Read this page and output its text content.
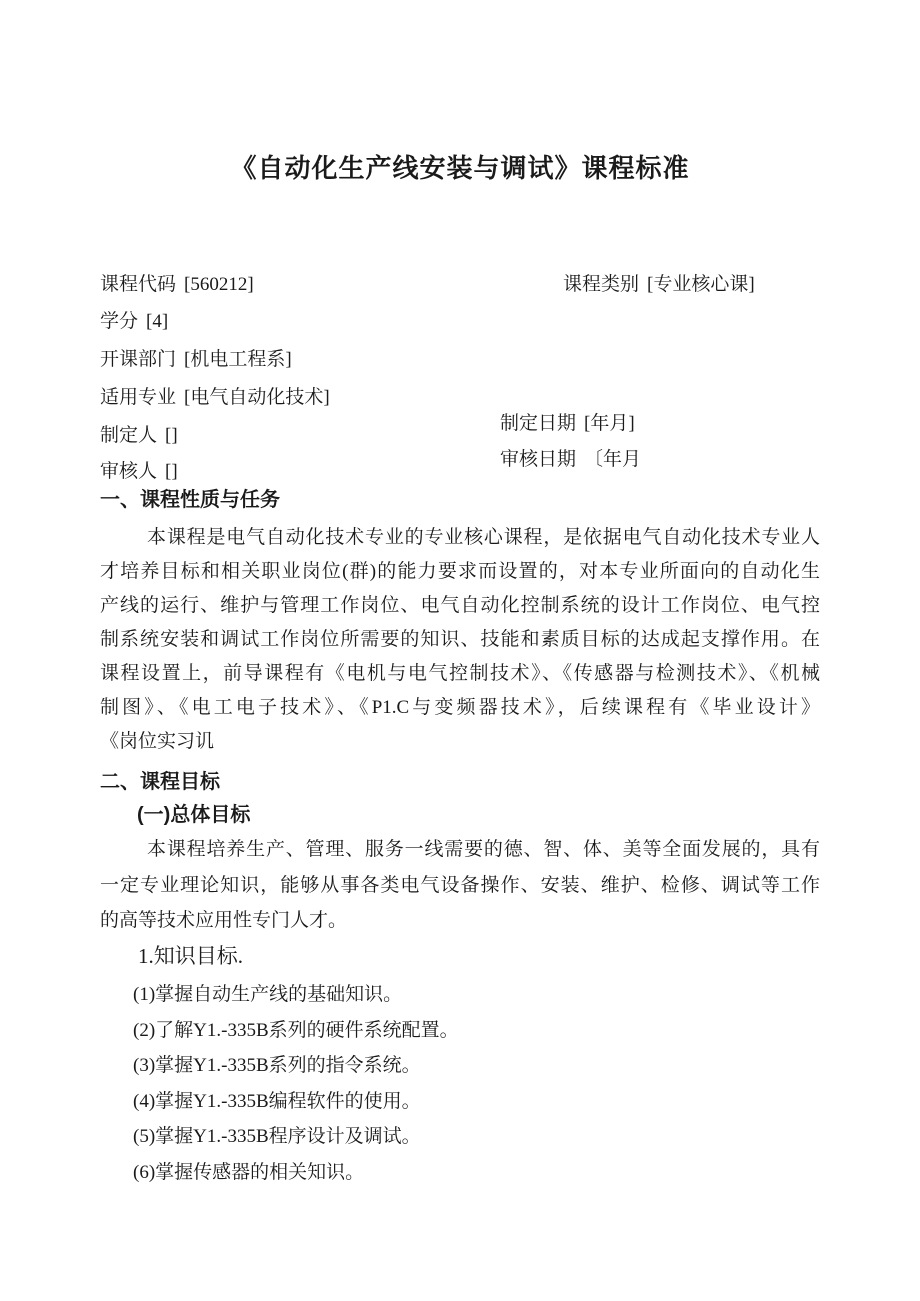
《自动化生产线安装与调试》课程标准
课程代码 [560212]	课程类别 [专业核心课]
学分 [4]
开课部门 [机电工程系]
适用专业 [电气自动化技术]
制定日期 [年月]
制定人 []
审核日期 〔年月
审核人 []
一、课程性质与任务
本课程是电气自动化技术专业的专业核心课程，是依据电气自动化技术专业人
才培养目标和相关职业岗位(群)的能力要求而设置的，对本专业所面向的自动化生
产线的运行、维护与管理工作岗位、电气自动化控制系统的设计工作岗位、电气控
制系统安装和调试工作岗位所需要的知识、技能和素质目标的达成起支撑作用。在
课程设置上，前导课程有《电机与电气控制技术》、《传感器与检测技术》、《机械
制图》、《电工电子技术》、《P1.C与变频器技术》，后续课程有《毕业设计》
《岗位实习讥
二、课程目标
(一)总体目标
本课程培养生产、管理、服务一线需要的德、智、体、美等全面发展的，具有
一定专业理论知识，能够从事各类电气设备操作、安装、维护、检修、调试等工作
的高等技术应用性专门人才。
1.知识目标.
(1)掌握自动生产线的基础知识。
(2)了解Y1.-335B系列的硬件系统配置。
(3)掌握Y1.-335B系列的指令系统。
(4)掌握Y1.-335B编程软件的使用。
(5)掌握Y1.-335B程序设计及调试。
(6)掌握传感器的相关知识。
